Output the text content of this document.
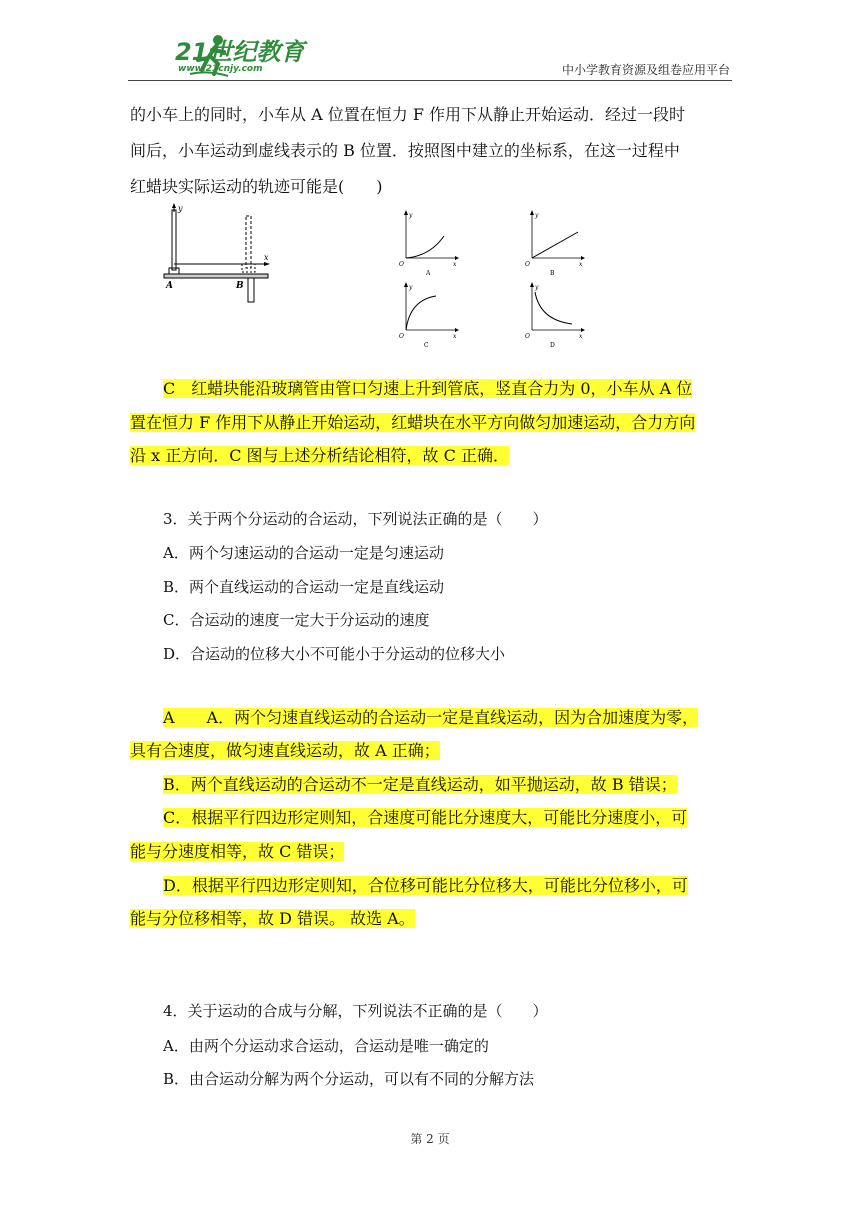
21世纪教育
www.21cnjy.com	中小学教育资源及组卷应用平台
的小车上的同时，小车从 A 位置在恒力 F 作用下从静止开始运动．经过一段时
间后，小车运动到虚线表示的 B 位置．按照图中建立的坐标系，在这一过程中
红蜡块实际运动的轨迹可能是(　　)
y
x
A	B
y
x
O
A
y
x
O
B
y
x
O
C
y
x
O
D
C　红蜡块能沿玻璃管由管口匀速上升到管底，竖直合力为 0，小车从 A 位
置在恒力 F 作用下从静止开始运动，红蜡块在水平方向做匀加速运动，合力方向
沿 x 正方向．C 图与上述分析结论相符，故 C 正确．
3．关于两个分运动的合运动，下列说法正确的是（　　）
A．两个匀速运动的合运动一定是匀速运动
B．两个直线运动的合运动一定是直线运动
C．合运动的速度一定大于分运动的速度
D．合运动的位移大小不可能小于分运动的位移大小
A　　A．两个匀速直线运动的合运动一定是直线运动，因为合加速度为零，
具有合速度，做匀速直线运动，故 A 正确；
B．两个直线运动的合运动不一定是直线运动，如平抛运动，故 B 错误；
C．根据平行四边形定则知，合速度可能比分速度大，可能比分速度小，可
能与分速度相等，故 C 错误；
D．根据平行四边形定则知，合位移可能比分位移大，可能比分位移小，可
能与分位移相等，故 D 错误。 故选 A。
4．关于运动的合成与分解，下列说法不正确的是（　　）
A．由两个分运动求合运动，合运动是唯一确定的
B．由合运动分解为两个分运动，可以有不同的分解方法
第 2 页
